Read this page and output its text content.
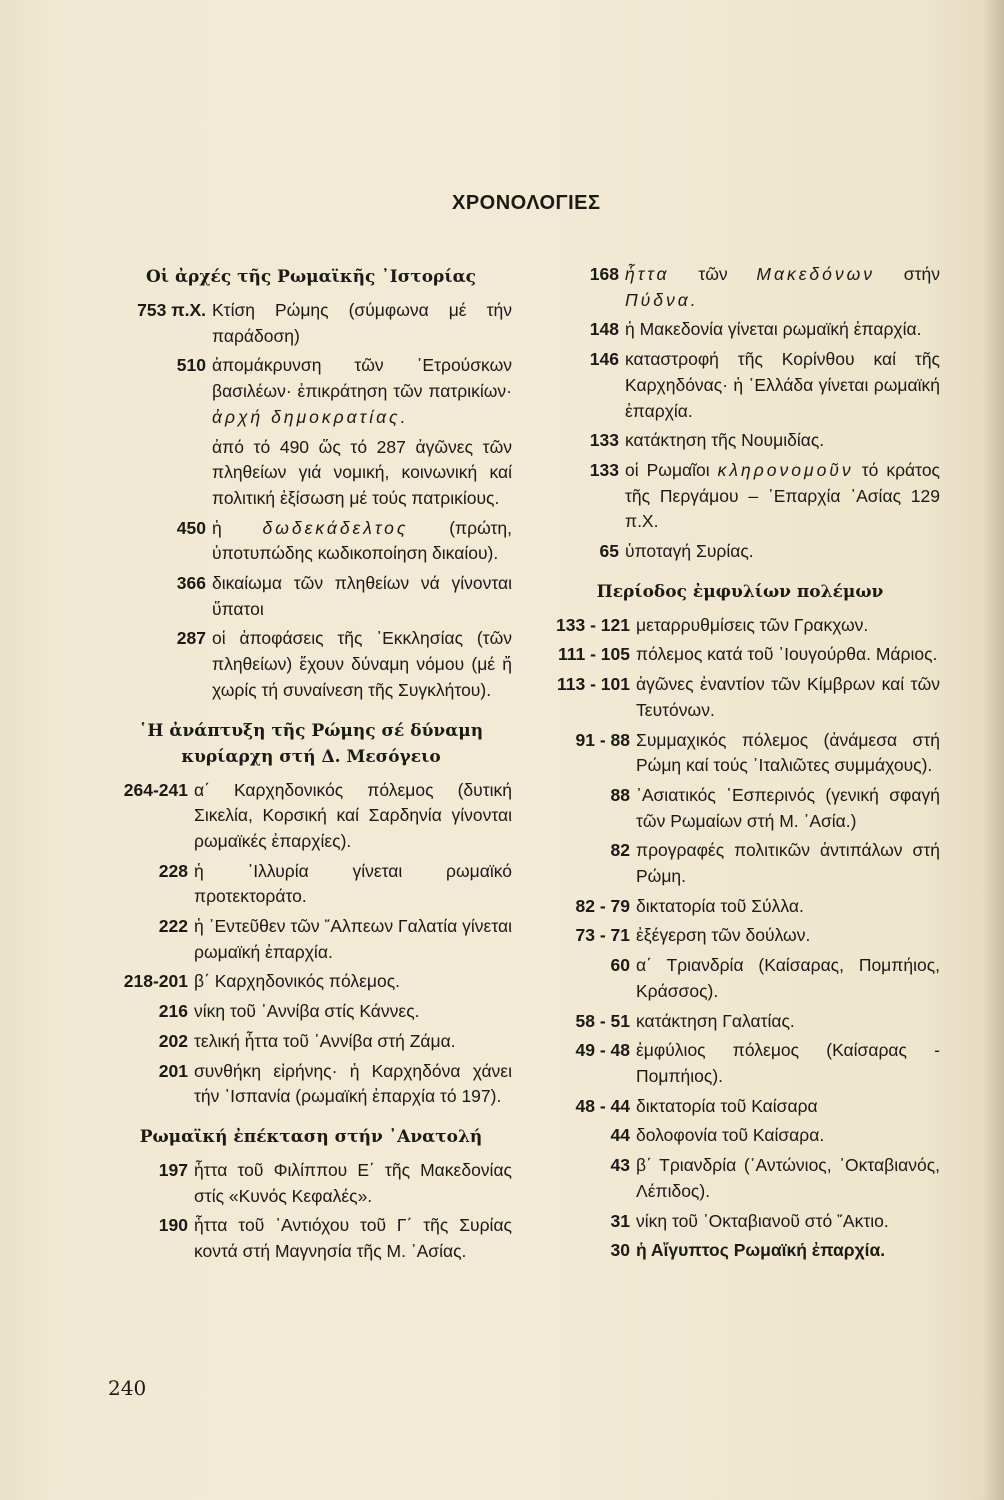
ΧΡΟΝΟΛΟΓΙΕΣ
Οἱ ἀρχές τῆς Ρωμαϊκῆς ᾿Ιστορίας
753 π.Χ. Κτίση Ρώμης (σύμφωνα μέ τήν παράδοση)
510 ἀπομάκρυνση τῶν ᾿Ετρούσκων βασιλέων· ἐπικράτηση τῶν πατρικίων· ἀρχή δημοκρατίας.
ἀπό τό 490 ὥς τό 287 ἀγῶνες τῶν πληθείων γιά νομική, κοινωνική καί πολιτική ἐξίσωση μέ τούς πατρικίους.
450 ἡ δωδεκάδελτος (πρώτη, ὑποτυπώδης κωδικοποίηση δικαίου).
366 δικαίωμα τῶν πληθείων νά γίνονται ὕπατοι
287 οἱ ἀποφάσεις τῆς ᾿Εκκλησίας (τῶν πληθείων) ἔχουν δύναμη νόμου (μέ ἤ χωρίς τή συναίνεση τῆς Συγκλήτου).
῾Η ἀνάπτυξη τῆς Ρώμης σέ δύναμη κυρίαρχη στή Δ. Μεσόγειο
264-241 α΄ Καρχηδονικός πόλεμος (δυτική Σικελία, Κορσική καί Σαρδηνία γίνονται ρωμαϊκές ἐπαρχίες).
228 ἡ ᾿Ιλλυρία γίνεται ρωμαϊκό προτεκτοράτο.
222 ἡ ᾿Εντεῦθεν τῶν ῎Αλπεων Γαλατία γίνεται ρωμαϊκή ἐπαρχία.
218-201 β΄ Καρχηδονικός πόλεμος.
216 νίκη τοῦ ᾿Αννίβα στίς Κάννες.
202 τελική ἧττα τοῦ ᾿Αννίβα στή Ζάμα.
201 συνθήκη εἰρήνης· ἡ Καρχηδόνα χάνει τήν ᾿Ισπανία (ρωμαϊκή ἐπαρχία τό 197).
Ρωμαϊκή ἐπέκταση στήν ᾿Ανατολή
197 ἧττα τοῦ Φιλίππου Ε΄ τῆς Μακεδονίας στίς «Κυνός Κεφαλές».
190 ἧττα τοῦ ᾿Αντιόχου τοῦ Γ΄ τῆς Συρίας κοντά στή Μαγνησία τῆς Μ. ᾿Ασίας.
168 ἧττα τῶν Μακεδόνων στήν Πύδνα.
148 ἡ Μακεδονία γίνεται ρωμαϊκή ἐπαρχία.
146 καταστροφή τῆς Κορίνθου καί τῆς Καρχηδόνας· ἡ ῾Ελλάδα γίνεται ρωμαϊκή ἐπαρχία.
133 κατάκτηση τῆς Νουμιδίας.
133 οἱ Ρωμαῖοι κληρονομοῦν τό κράτος τῆς Περγάμου – ᾿Επαρχία ᾿Ασίας 129 π.Χ.
65 ὑποταγή Συρίας.
Περίοδος ἐμφυλίων πολέμων
133 - 121 μεταρρυθμίσεις τῶν Γρακχων.
111 - 105 πόλεμος κατά τοῦ ᾿Ιουγούρθα. Μάριος.
113 - 101 ἀγῶνες ἐναντίον τῶν Κίμβρων καί τῶν Τευτόνων.
91 - 88 Συμμαχικός πόλεμος (ἀνάμεσα στή Ρώμη καί τούς ᾿Ιταλιῶτες συμμάχους).
88 ᾿Ασιατικός ῾Εσπερινός (γενική σφαγή τῶν Ρωμαίων στή Μ. ᾿Ασία.)
82 προγραφές πολιτικῶν ἀντιπάλων στή Ρώμη.
82 - 79 δικτατορία τοῦ Σύλλα.
73 - 71 ἐξέγερση τῶν δούλων.
60 α΄ Τριανδρία (Καίσαρας, Πομπήιος, Κράσσος).
58 - 51 κατάκτηση Γαλατίας.
49 - 48 ἐμφύλιος πόλεμος (Καίσαρας - Πομπήιος).
48 - 44 δικτατορία τοῦ Καίσαρα
44 δολοφονία τοῦ Καίσαρα.
43 β΄ Τριανδρία (᾿Αντώνιος, ᾿Οκταβιανός, Λέπιδος).
31 νίκη τοῦ ᾿Οκταβιανοῦ στό ῎Ακτιο.
30 ἡ Αἴγυπτος Ρωμαϊκή ἐπαρχία.
240
